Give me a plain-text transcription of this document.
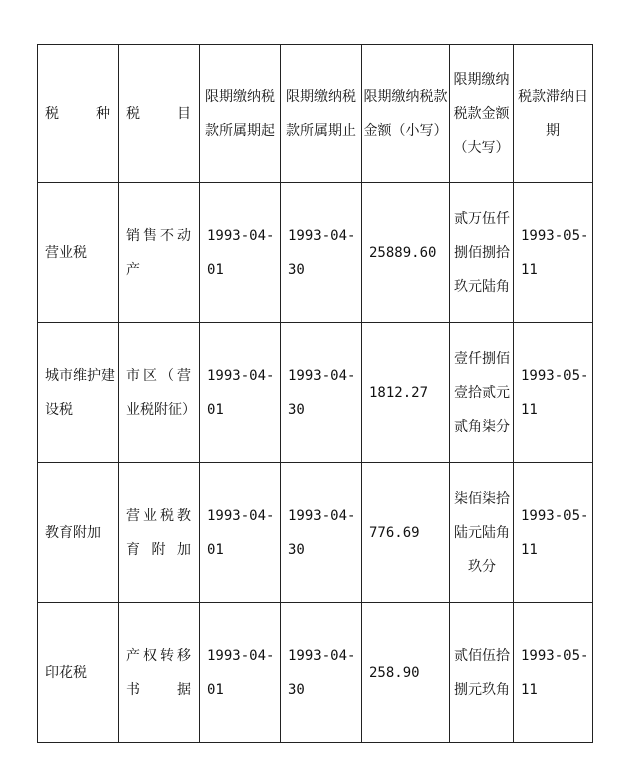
税　　种	税　　目	限期缴纳税款所属期起	限期缴纳税款所属期止	限期缴纳税款金额（小写）	限期缴纳税款金额（大写）	税款滞纳日期
营业税	销售不动产	1993-04-01	1993-04-30	25889.60	贰万伍仟捌佰捌拾玖元陆角	1993-05-11
城市维护建设税	市区（营业税附征）	1993-04-01	1993-04-30	1812.27	壹仟捌佰壹拾贰元贰角柒分	1993-05-11
教育附加	营业税教育附加	1993-04-01	1993-04-30	776.69	柒佰柒拾陆元陆角玖分	1993-05-11
印花税	产权转移书据	1993-04-01	1993-04-30	258.90	贰佰伍拾捌元玖角	1993-05-11
